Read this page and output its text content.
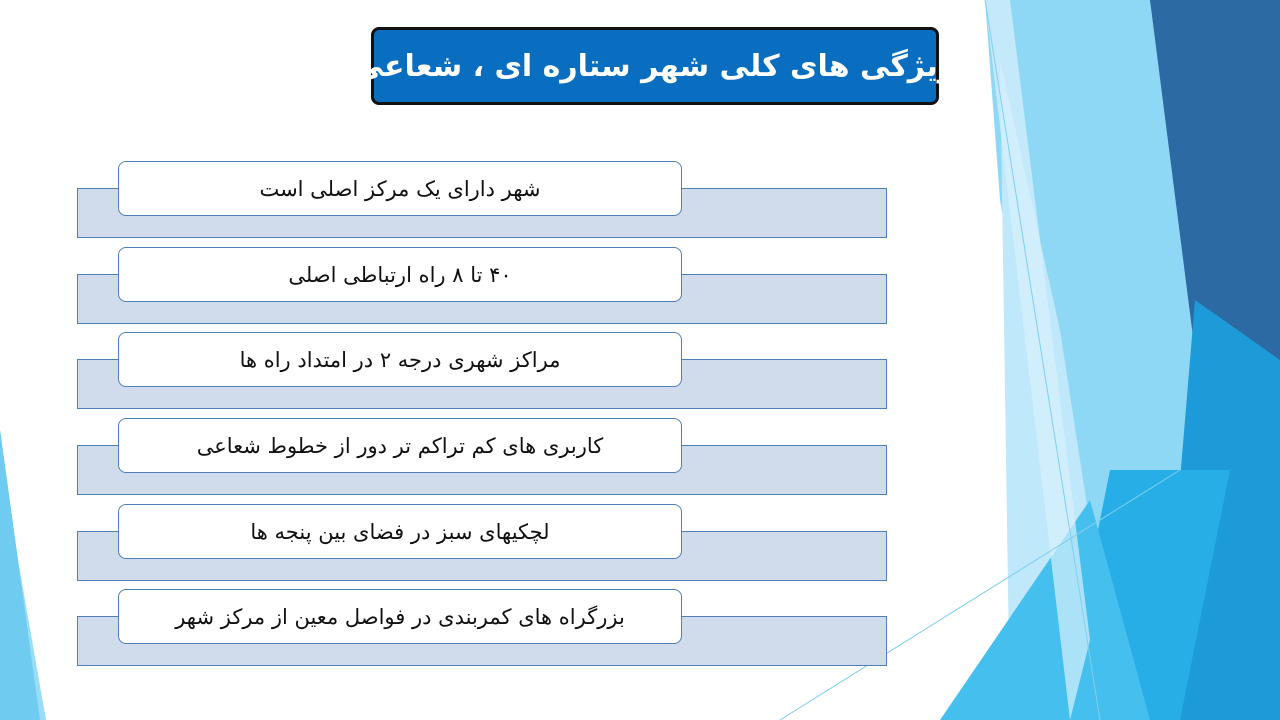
ویژگی های کلی شهر ستاره ای ، شعاعی
شهر دارای یک مرکز اصلی است
۴۰ تا ۸ راه ارتباطی اصلی
مراکز شهری درجه ۲ در امتداد راه ها
کاربری های کم تراکم تر دور از خطوط شعاعی
لچکیهای سبز در فضای بین پنجه ها
بزرگراه های کمربندی در فواصل معین از مرکز شهر
